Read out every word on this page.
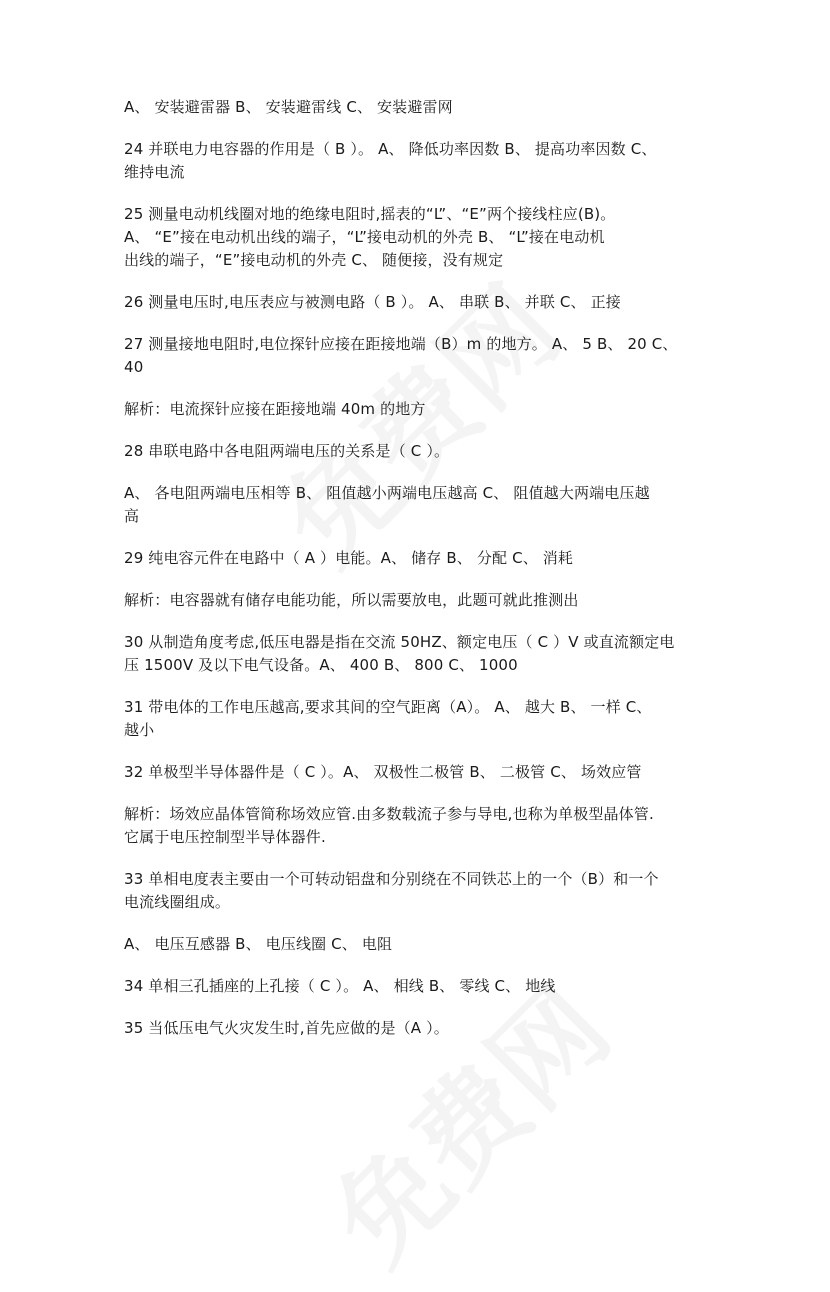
A、 安装避雷器 B、 安装避雷线 C、 安装避雷网

24 并联电力电容器的作用是（ B ）。 A、 降低功率因数 B、 提高功率因数 C、
维持电流

25 测量电动机线圈对地的绝缘电阻时,摇表的“L”、“E”两个接线柱应(B)。
A、 “E”接在电动机出线的端子，“L”接电动机的外壳 B、 “L”接在电动机
出线的端子，“E”接电动机的外壳 C、 随便接，没有规定

26 测量电压时,电压表应与被测电路（ B ）。 A、 串联 B、 并联 C、 正接

27 测量接地电阻时,电位探针应接在距接地端（B）m 的地方。 A、 5 B、 20 C、
40

解析：电流探针应接在距接地端 40m 的地方

28 串联电路中各电阻两端电压的关系是（ C ）。

A、 各电阻两端电压相等 B、 阻值越小两端电压越高 C、 阻值越大两端电压越
高

29 纯电容元件在电路中（ A ）电能。A、 储存 B、 分配 C、 消耗

解析：电容器就有储存电能功能，所以需要放电，此题可就此推测出

30 从制造角度考虑,低压电器是指在交流 50HZ、额定电压（ C ）V 或直流额定电
压 1500V 及以下电气设备。A、 400 B、 800 C、 1000

31 带电体的工作电压越高,要求其间的空气距离（A）。 A、 越大 B、 一样 C、
越小

32 单极型半导体器件是（ C ）。A、 双极性二极管 B、 二极管 C、 场效应管

解析：场效应晶体管简称场效应管.由多数载流子参与导电,也称为单极型晶体管.
它属于电压控制型半导体器件.

33 单相电度表主要由一个可转动铝盘和分别绕在不同铁芯上的一个（B）和一个
电流线圈组成。

A、 电压互感器 B、 电压线圈 C、 电阻

34 单相三孔插座的上孔接（ C ）。 A、 相线 B、 零线 C、 地线

35 当低压电气火灾发生时,首先应做的是（A ）。
